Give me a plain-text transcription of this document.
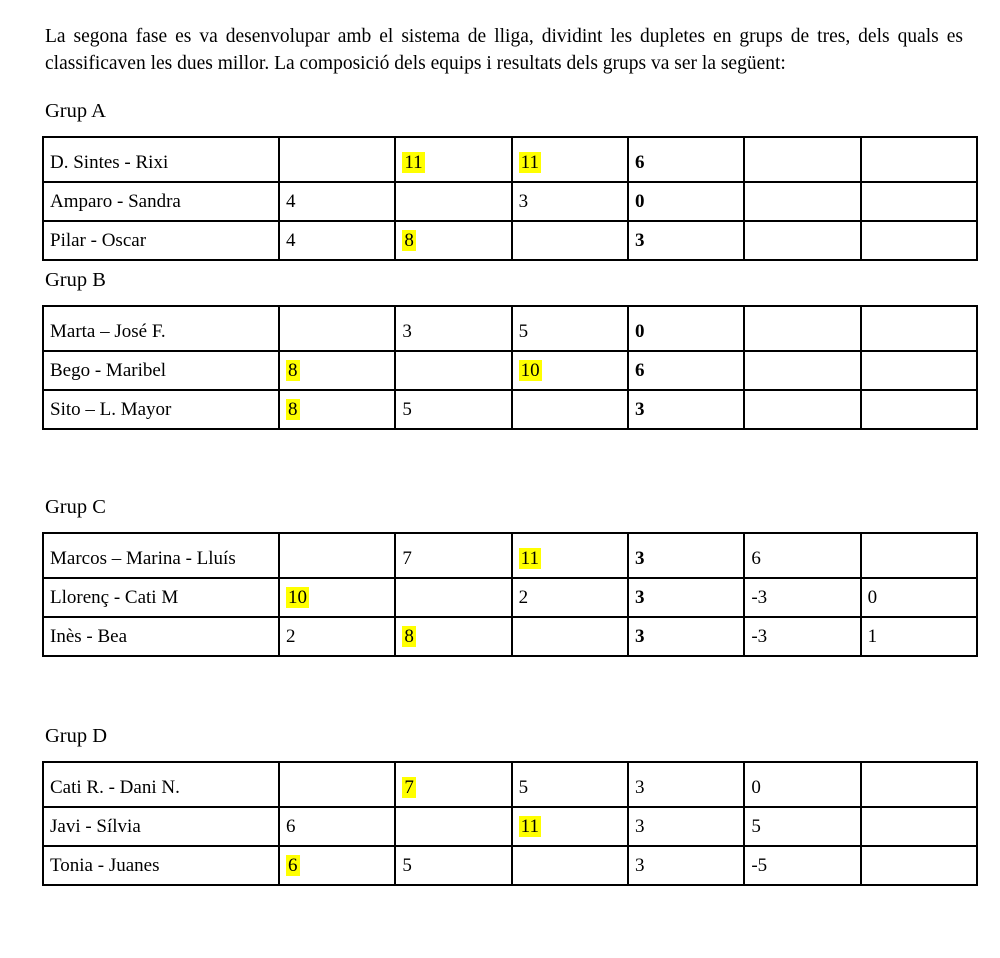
La segona fase es va desenvolupar amb el sistema de lliga, dividint les dupletes en grups de tres, dels quals es classificaven les dues millor. La composició dels equips i resultats dels grups va ser la següent:

Grup A
D. Sintes - Rixi		11	11	6		
Amparo - Sandra	4		3	0		
Pilar - Oscar	4	8		3		
Grup B
Marta – José F.		3	5	0		
Bego - Maribel	8		10	6		
Sito – L. Mayor	8	5		3		
Grup C
Marcos – Marina - Lluís		7	11	3	6	
Llorenç - Cati M	10		2	3	-3	0
Inès - Bea	2	8		3	-3	1
Grup D
Cati R. - Dani N.		7	5	3	0	
Javi - Sílvia	6		11	3	5	
Tonia - Juanes	6	5		3	-5	
